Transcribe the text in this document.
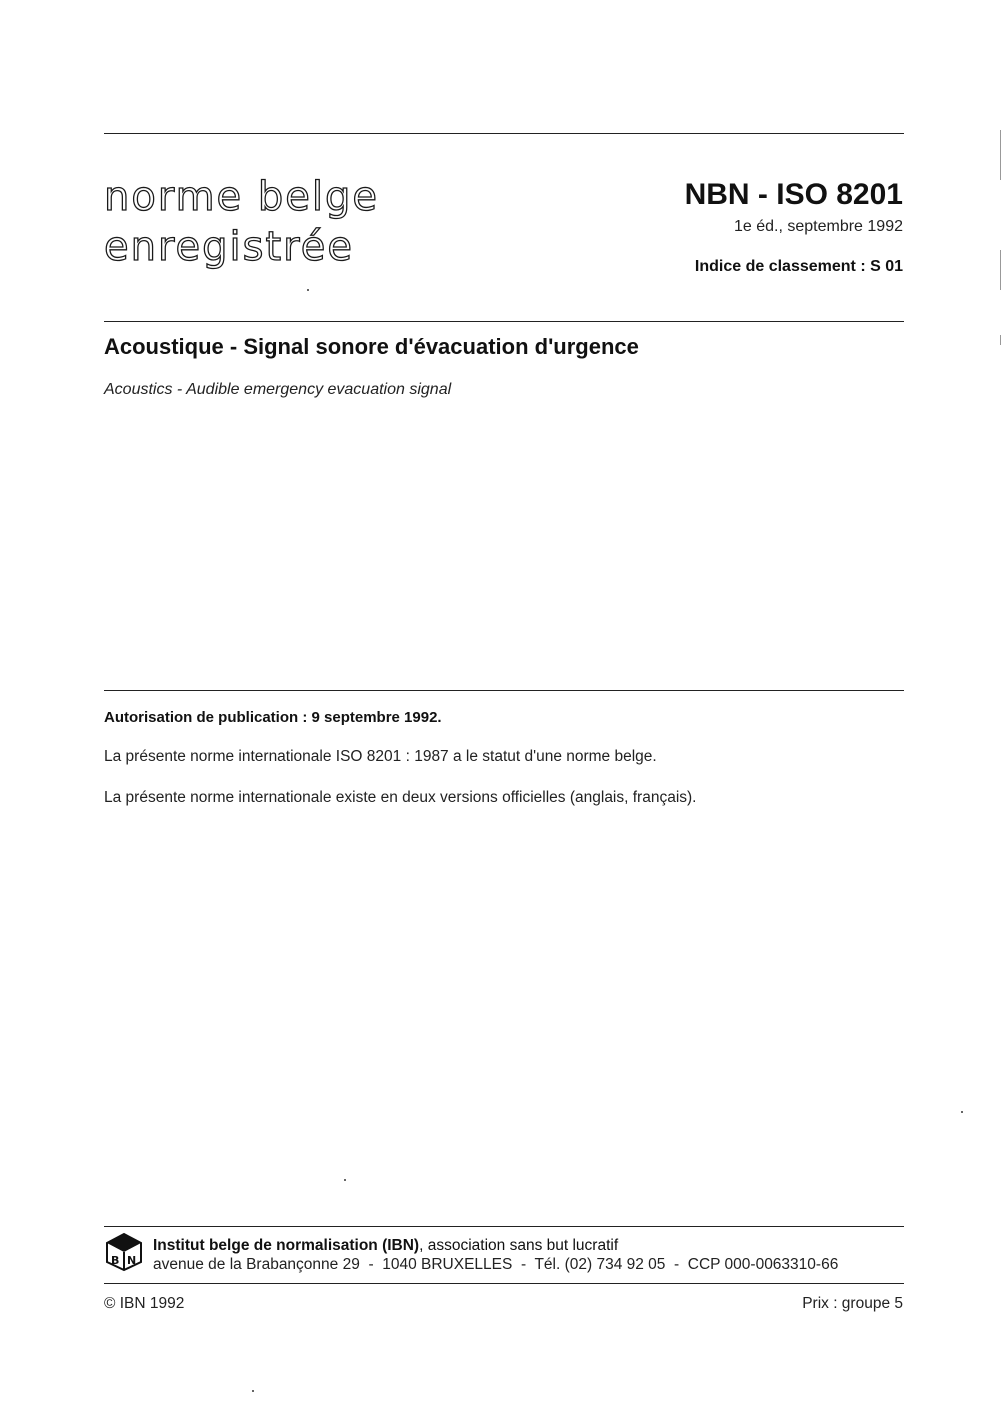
norme belge
enregistrée
NBN - ISO 8201
1e éd., septembre 1992
Indice de classement : S 01
Acoustique - Signal sonore d'évacuation d'urgence
Acoustics - Audible emergency evacuation signal
Autorisation de publication : 9 septembre 1992.
La présente norme internationale ISO 8201 : 1987 a le statut d'une norme belge.
La présente norme internationale existe en deux versions officielles (anglais, français).
B N
Institut belge de normalisation (IBN), association sans but lucratif
avenue de la Brabançonne 29  -  1040 BRUXELLES  -  Tél. (02) 734 92 05  -  CCP 000-0063310-66
© IBN 1992	Prix : groupe 5
